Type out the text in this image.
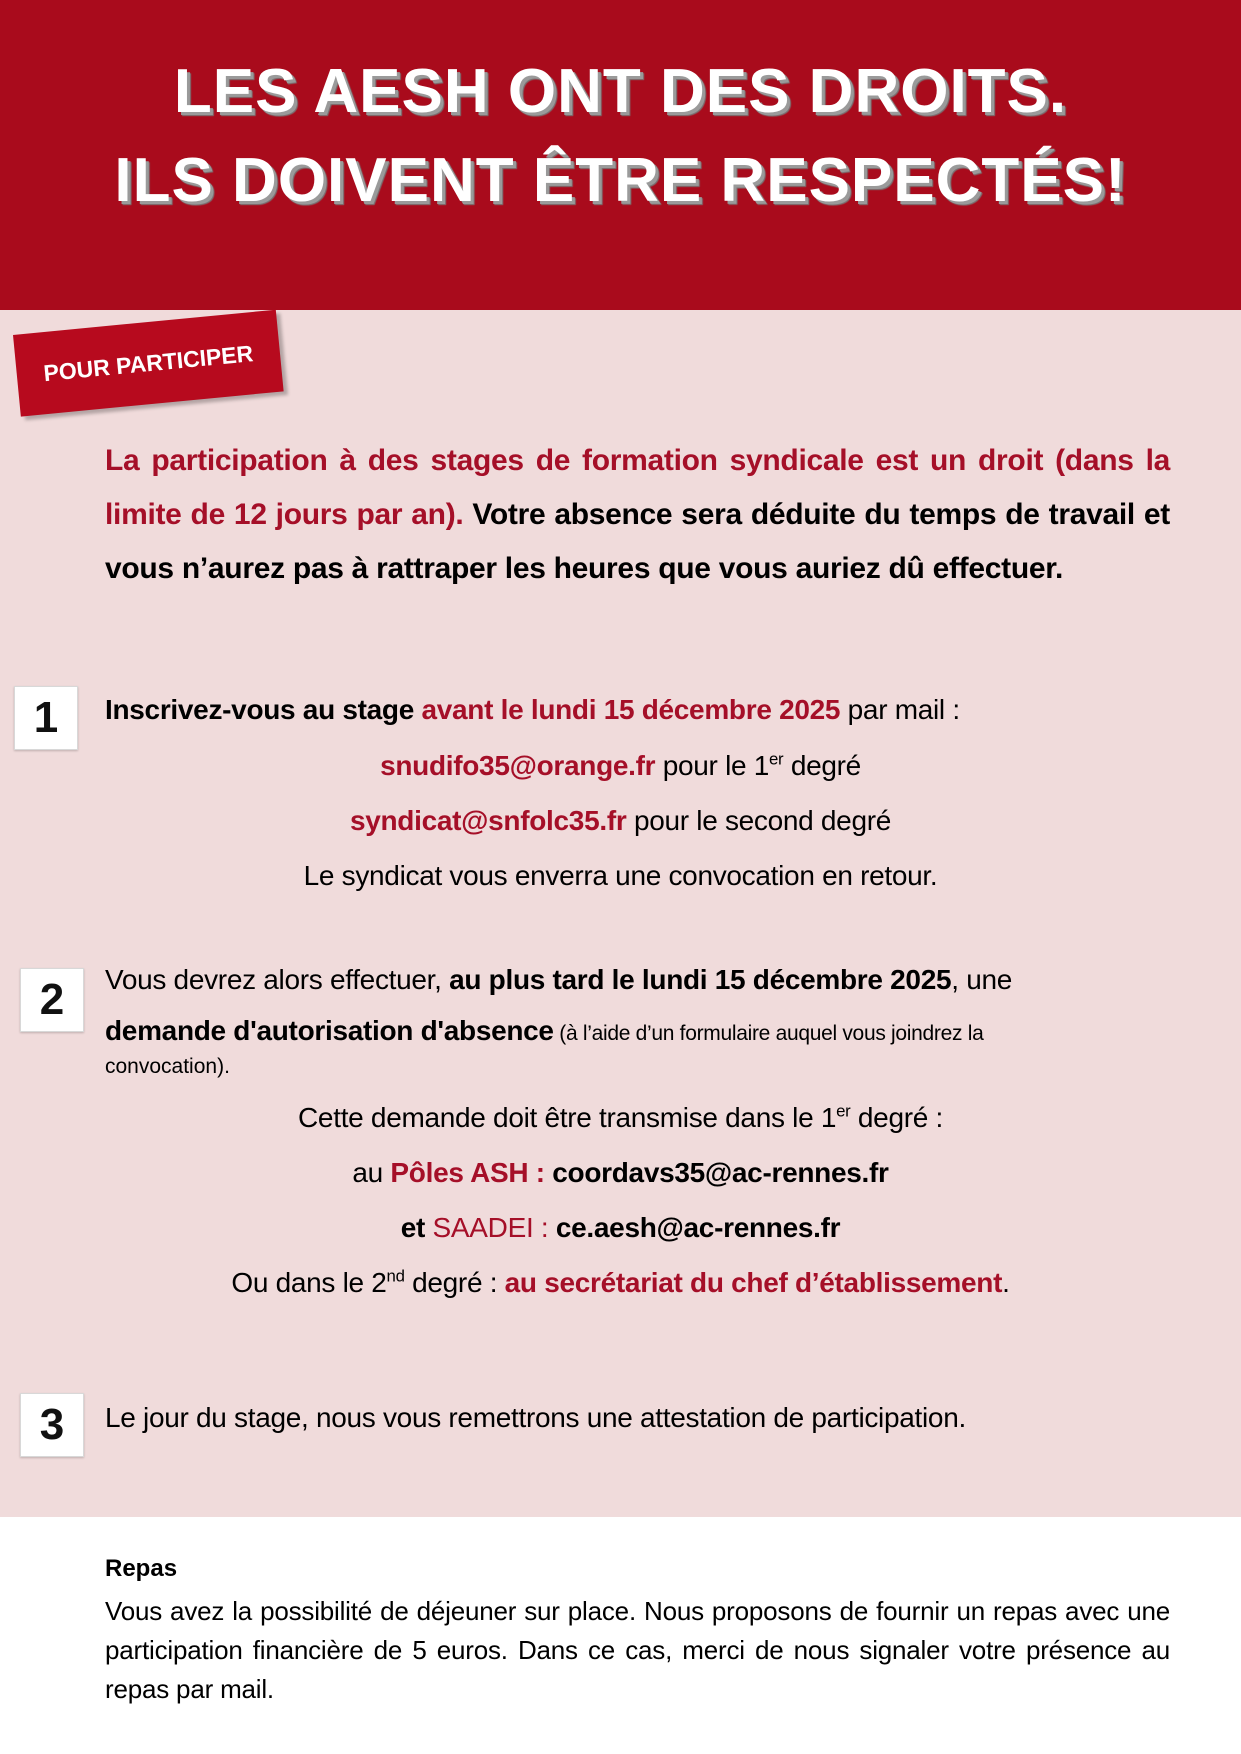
LES AESH ONT DES DROITS.
ILS DOIVENT ÊTRE RESPECTÉS!
POUR PARTICIPER
La participation à des stages de formation syndicale est un droit (dans la limite de 12 jours par an). Votre absence sera déduite du temps de travail et vous n’aurez pas à rattraper les heures que vous auriez dû effectuer.
1	Inscrivez-vous au stage avant le lundi 15 décembre 2025 par mail :
snudifo35@orange.fr pour le 1er degré
syndicat@snfolc35.fr pour le second degré
Le syndicat vous enverra une convocation en retour.
2	Vous devrez alors effectuer, au plus tard le lundi 15 décembre 2025, une
demande d'autorisation d'absence (à l’aide d’un formulaire auquel vous joindrez la
convocation).
Cette demande doit être transmise dans le 1er degré :
au Pôles ASH : coordavs35@ac-rennes.fr
et SAADEI : ce.aesh@ac-rennes.fr
Ou dans le 2nd degré : au secrétariat du chef d’établissement.
3	Le jour du stage, nous vous remettrons une attestation de participation.
Repas
Vous avez la possibilité de déjeuner sur place. Nous proposons de fournir un repas avec une participation financière de 5 euros. Dans ce cas, merci de nous signaler votre présence au repas par mail.
